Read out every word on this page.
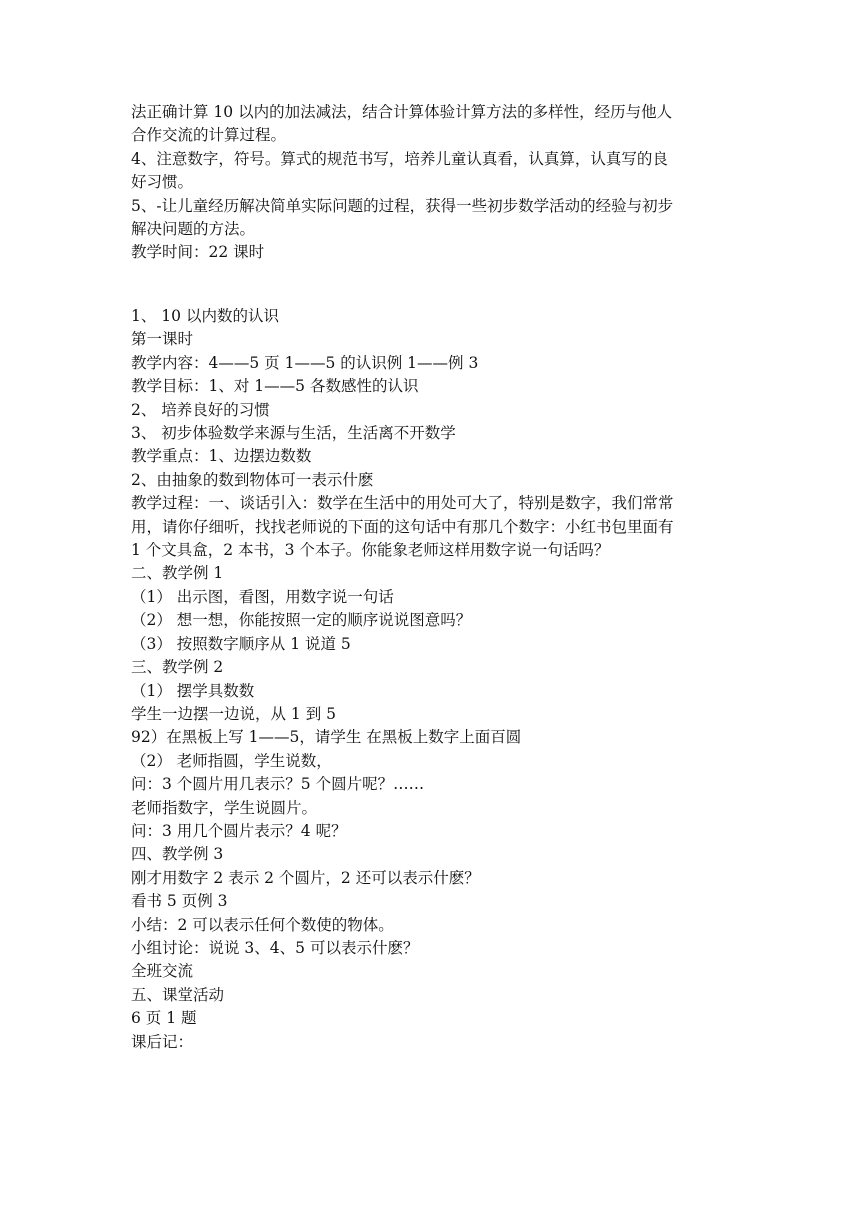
法正确计算 10 以内的加法减法，结合计算体验计算方法的多样性，经历与他人
合作交流的计算过程。
4、注意数字，符号。算式的规范书写，培养儿童认真看，认真算，认真写的良
好习惯。
5、-让儿童经历解决简单实际问题的过程，获得一些初步数学活动的经验与初步
解决问题的方法。
教学时间：22 课时
1、 10 以内数的认识
第一课时
教学内容：4——5 页 1——5 的认识例 1——例 3
教学目标：1、对 1——5 各数感性的认识
2、 培养良好的习惯
3、 初步体验数学来源与生活，生活离不开数学
教学重点：1、边摆边数数
2、由抽象的数到物体可一表示什麽
教学过程：一、谈话引入：数学在生活中的用处可大了，特别是数字，我们常常
用，请你仔细听，找找老师说的下面的这句话中有那几个数字：小红书包里面有
1 个文具盒，2 本书，3 个本子。你能象老师这样用数字说一句话吗？
二、教学例 1
（1） 出示图，看图，用数字说一句话
（2） 想一想，你能按照一定的顺序说说图意吗？
（3） 按照数字顺序从 1 说道 5
三、教学例 2
（1） 摆学具数数
学生一边摆一边说，从 1 到 5
92）在黑板上写 1——5，请学生 在黑板上数字上面百圆
（2） 老师指圆，学生说数，
问：3 个圆片用几表示？5 个圆片呢？……
老师指数字，学生说圆片。
问：3 用几个圆片表示？4 呢？
四、教学例 3
刚才用数字 2 表示 2 个圆片，2 还可以表示什麽？
看书 5 页例 3
小结：2 可以表示任何个数使的物体。
小组讨论：说说 3、4、5 可以表示什麽？
全班交流
五、课堂活动
6 页 1 题
课后记：
